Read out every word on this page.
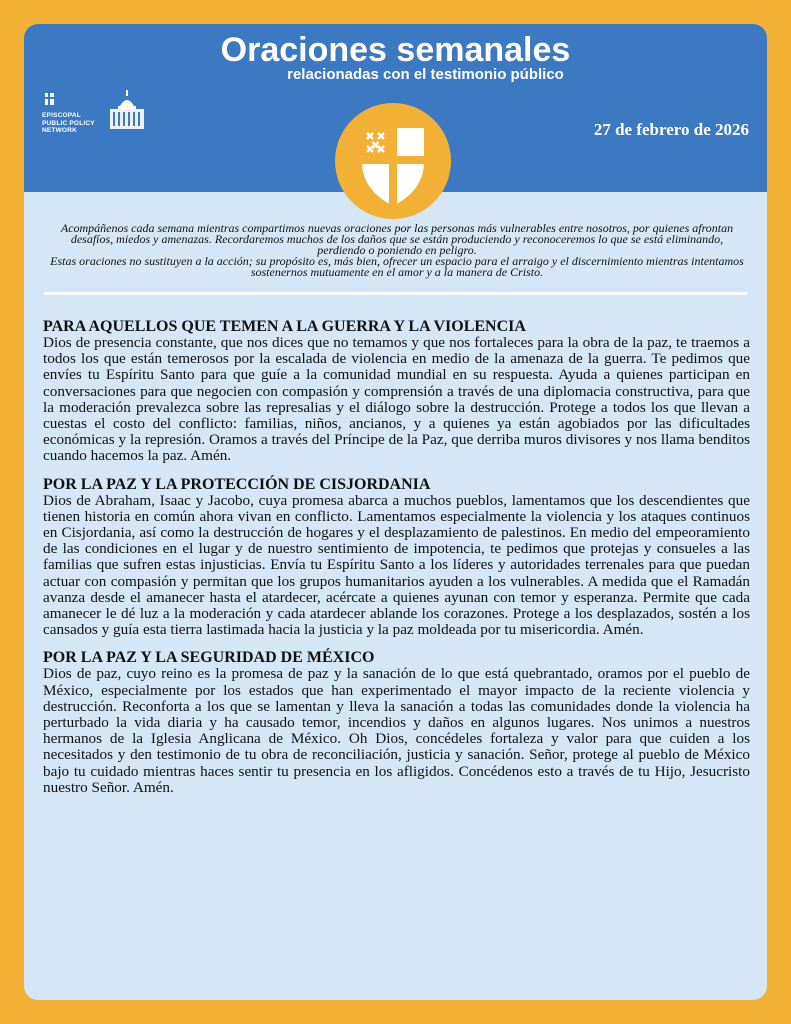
Oraciones semanales
relacionadas con el testimonio público
EPISCOPAL
PUBLIC POLICY
NETWORK	27 de febrero de 2026
Acompáñenos cada semana mientras compartimos nuevas oraciones por las personas más vulnerables entre nosotros, por quienes afrontan desafíos, miedos y amenazas. Recordaremos muchos de los daños que se están produciendo y reconoceremos lo que se está eliminando, perdiendo o poniendo en peligro.
Estas oraciones no sustituyen a la acción; su propósito es, más bien, ofrecer un espacio para el arraigo y el discernimiento mientras intentamos sostenernos mutuamente en el amor y a la manera de Cristo.
PARA AQUELLOS QUE TEMEN A LA GUERRA Y LA VIOLENCIA

Dios de presencia constante, que nos dices que no temamos y que nos fortaleces para la obra de la paz, te traemos a todos los que están temerosos por la escalada de violencia en medio de la amenaza de la guerra. Te pedimos que envíes tu Espíritu Santo para que guíe a la comunidad mundial en su respuesta. Ayuda a quienes participan en conversaciones para que negocien con compasión y comprensión a través de una diplomacia constructiva, para que la moderación prevalezca sobre las represalias y el diálogo sobre la destrucción. Protege a todos los que llevan a cuestas el costo del conflicto: familias, niños, ancianos, y a quienes ya están agobiados por las dificultades económicas y la represión. Oramos a través del Príncipe de la Paz, que derriba muros divisores y nos llama benditos cuando hacemos la paz. Amén.

POR LA PAZ Y LA PROTECCIÓN DE CISJORDANIA

Dios de Abraham, Isaac y Jacobo, cuya promesa abarca a muchos pueblos, lamentamos que los descendientes que tienen historia en común ahora vivan en conflicto. Lamentamos especialmente la violencia y los ataques continuos en Cisjordania, así como la destrucción de hogares y el desplazamiento de palestinos. En medio del empeoramiento de las condiciones en el lugar y de nuestro sentimiento de impotencia, te pedimos que protejas y consueles a las familias que sufren estas injusticias. Envía tu Espíritu Santo a los líderes y autoridades terrenales para que puedan actuar con compasión y permitan que los grupos humanitarios ayuden a los vulnerables. A medida que el Ramadán avanza desde el amanecer hasta el atardecer, acércate a quienes ayunan con temor y esperanza. Permite que cada amanecer le dé luz a la moderación y cada atardecer ablande los corazones. Protege a los desplazados, sostén a los cansados y guía esta tierra lastimada hacia la justicia y la paz moldeada por tu misericordia. Amén.

POR LA PAZ Y LA SEGURIDAD DE MÉXICO

Dios de paz, cuyo reino es la promesa de paz y la sanación de lo que está quebrantado, oramos por el pueblo de México, especialmente por los estados que han experimentado el mayor impacto de la reciente violencia y destrucción. Reconforta a los que se lamentan y lleva la sanación a todas las comunidades donde la violencia ha perturbado la vida diaria y ha causado temor, incendios y daños en algunos lugares. Nos unimos a nuestros hermanos de la Iglesia Anglicana de México. Oh Dios, concédeles fortaleza y valor para que cuiden a los necesitados y den testimonio de tu obra de reconciliación, justicia y sanación. Señor, protege al pueblo de México bajo tu cuidado mientras haces sentir tu presencia en los afligidos. Concédenos esto a través de tu Hijo, Jesucristo nuestro Señor. Amén.
